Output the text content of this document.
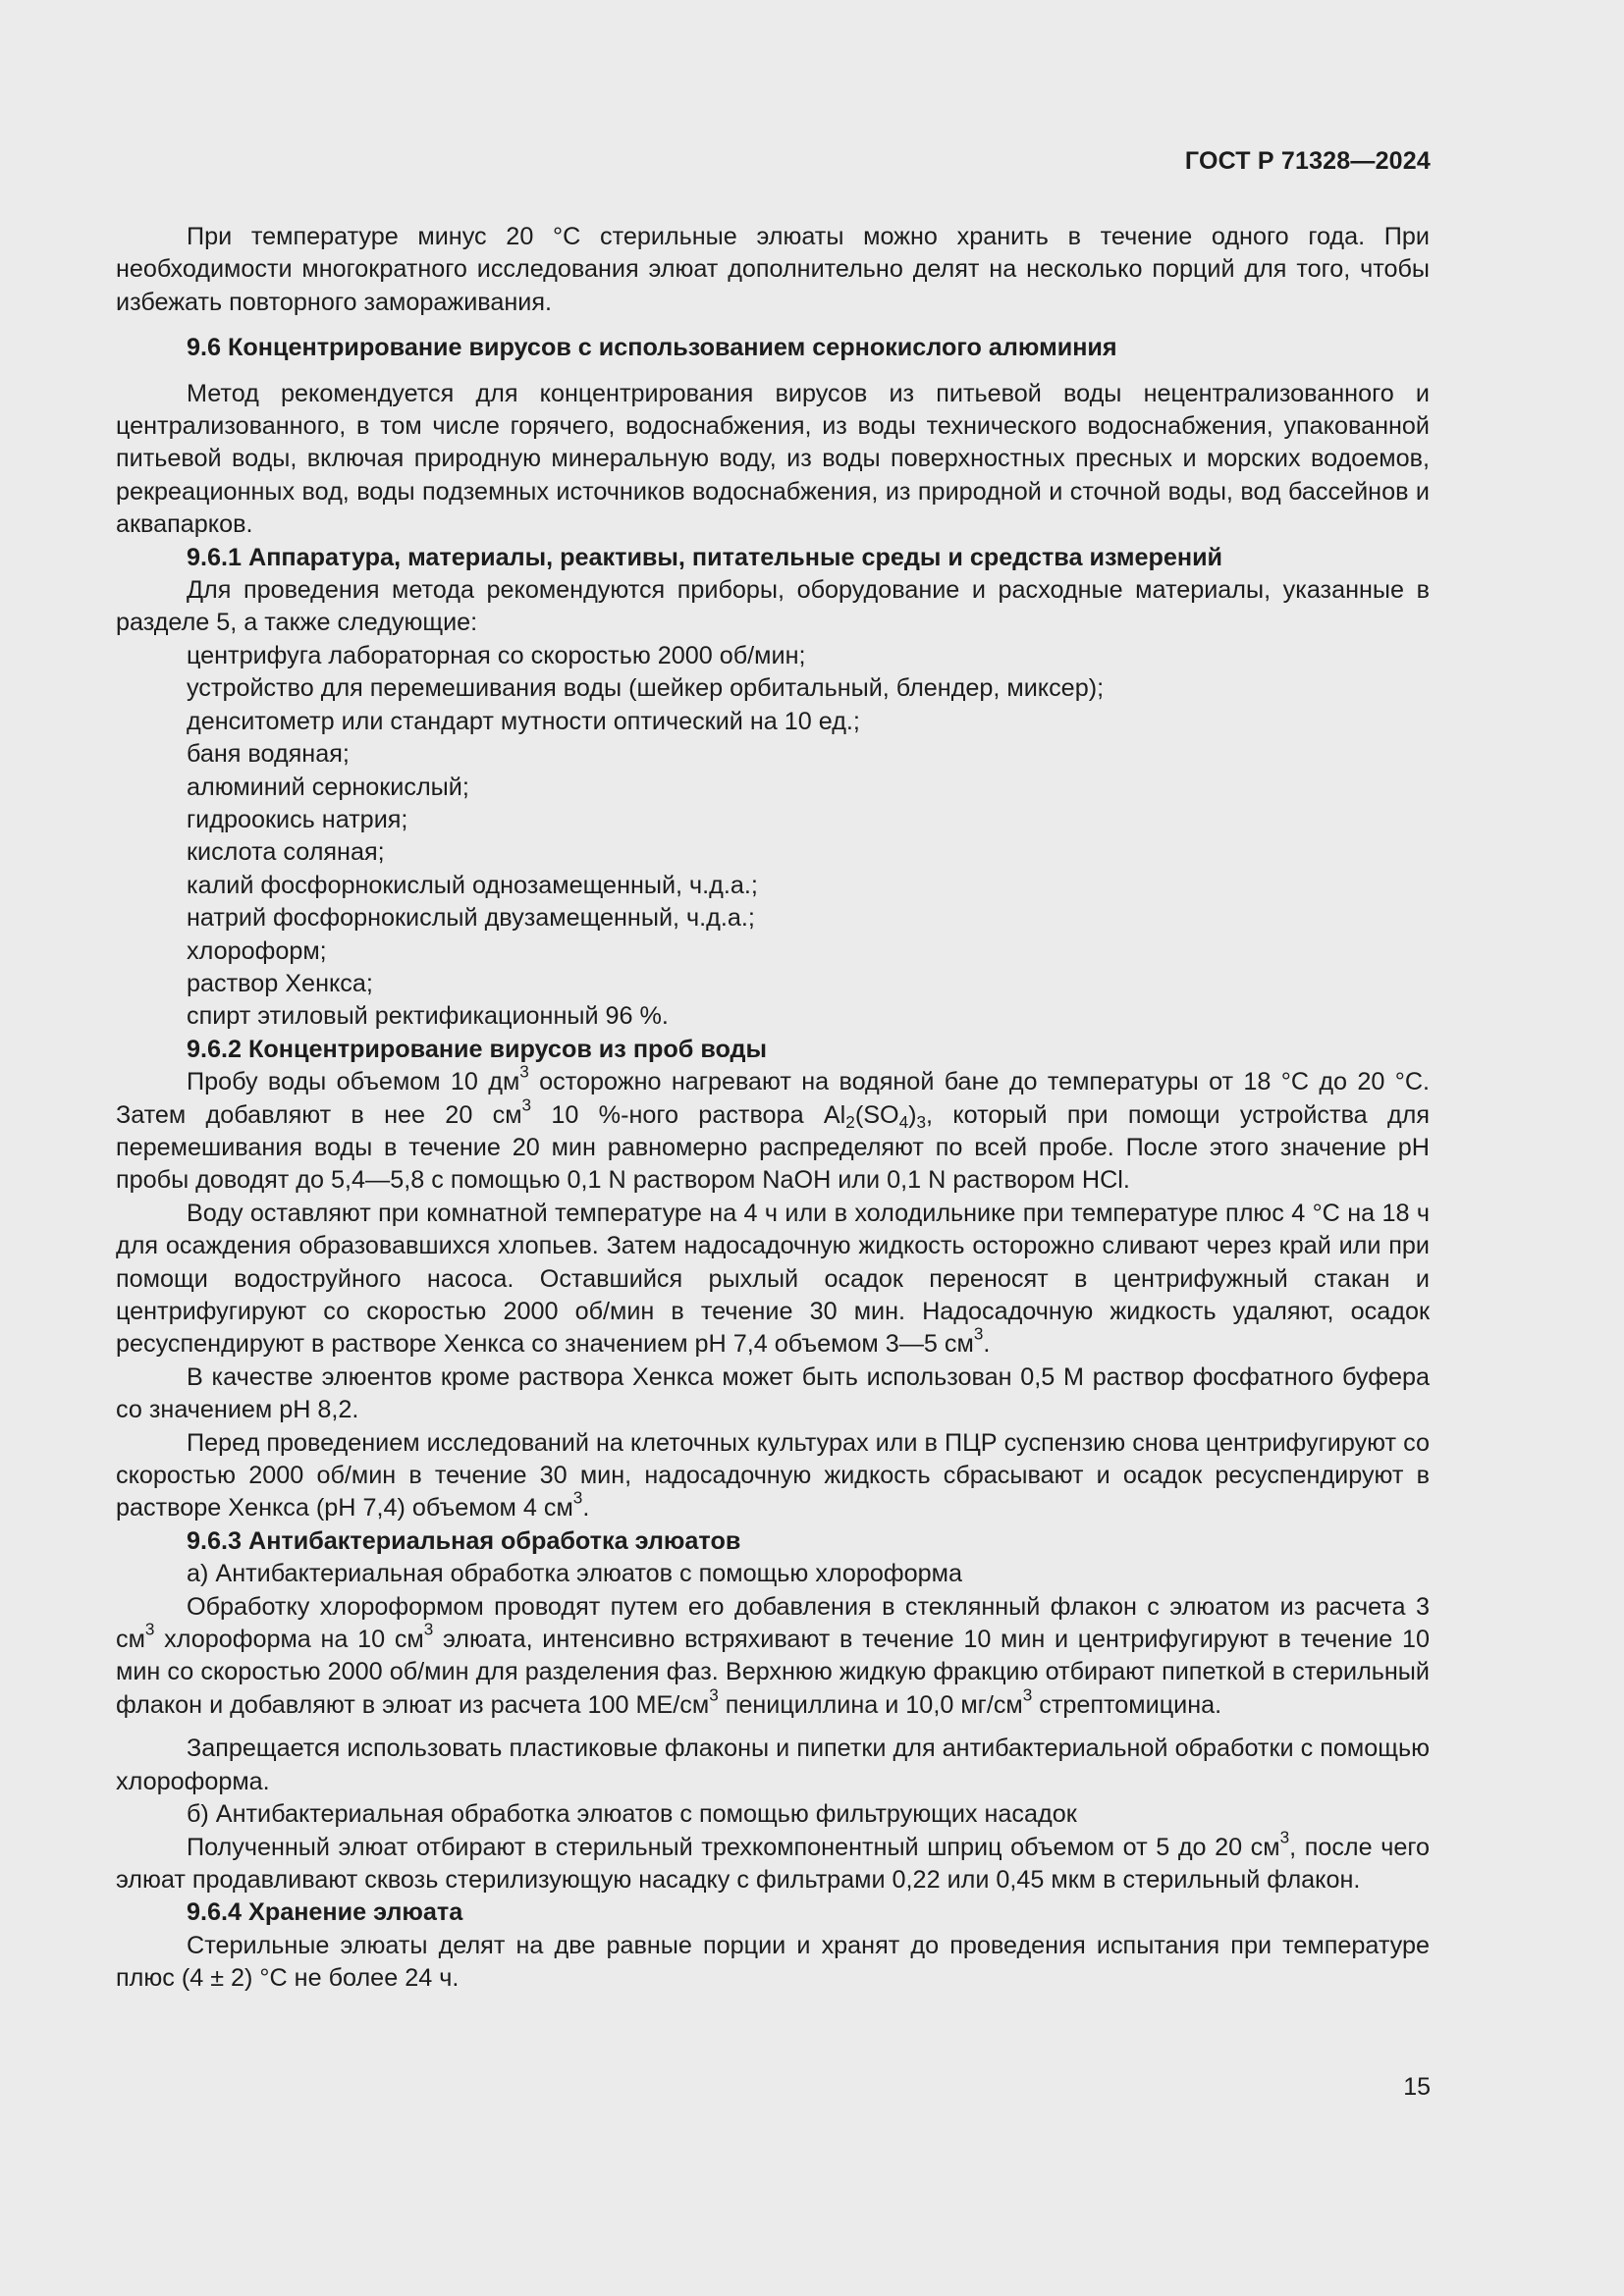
ГОСТ Р 71328—2024

При температуре минус 20 °С стерильные элюаты можно хранить в течение одного года. При необходимости многократного исследования элюат дополнительно делят на несколько порций для того, чтобы избежать повторного замораживания.

9.6 Концентрирование вирусов с использованием сернокислого алюминия

Метод рекомендуется для концентрирования вирусов из питьевой воды нецентрализованного и централизованного, в том числе горячего, водоснабжения, из воды технического водоснабжения, упакованной питьевой воды, включая природную минеральную воду, из воды поверхностных пресных и морских водоемов, рекреационных вод, воды подземных источников водоснабжения, из природной и сточной воды, вод бассейнов и аквапарков.

9.6.1 Аппаратура, материалы, реактивы, питательные среды и средства измерений

Для проведения метода рекомендуются приборы, оборудование и расходные материалы, указанные в разделе 5, а также следующие:

центрифуга лабораторная со скоростью 2000 об/мин;

устройство для перемешивания воды (шейкер орбитальный, блендер, миксер);

денситометр или стандарт мутности оптический на 10 ед.;

баня водяная;

алюминий сернокислый;

гидроокись натрия;

кислота соляная;

калий фосфорнокислый однозамещенный, ч.д.а.;

натрий фосфорнокислый двузамещенный, ч.д.а.;

хлороформ;

раствор Хенкса;

спирт этиловый ректификационный 96 %.

9.6.2 Концентрирование вирусов из проб воды

Пробу воды объемом 10 $дм^3$ осторожно нагревают на водяной бане до температуры от 18 °С до 20 °С. Затем добавляют в нее 20 $см^3$ 10 %-ного раствора $Al_2(SO_4)_3$, который при помощи устройства для перемешивания воды в течение 20 мин равномерно распределяют по всей пробе. После этого значение рН пробы доводят до 5,4—5,8 с помощью 0,1 N раствором NaOH или 0,1 N раствором HCl.

Воду оставляют при комнатной температуре на 4 ч или в холодильнике при температуре плюс 4 °С на 18 ч для осаждения образовавшихся хлопьев. Затем надосадочную жидкость осторожно сливают через край или при помощи водоструйного насоса. Оставшийся рыхлый осадок переносят в центрифужный стакан и центрифугируют со скоростью 2000 об/мин в течение 30 мин. Надосадочную жидкость удаляют, осадок ресуспендируют в растворе Хенкса со значением рН 7,4 объемом 3—5 $см^3$.

В качестве элюентов кроме раствора Хенкса может быть использован 0,5 М раствор фосфатного буфера со значением рН 8,2.

Перед проведением исследований на клеточных культурах или в ПЦР суспензию снова центрифугируют со скоростью 2000 об/мин в течение 30 мин, надосадочную жидкость сбрасывают и осадок ресуспендируют в растворе Хенкса (рН 7,4) объемом 4 $см^3$.

9.6.3 Антибактериальная обработка элюатов

а) Антибактериальная обработка элюатов с помощью хлороформа

Обработку хлороформом проводят путем его добавления в стеклянный флакон с элюатом из расчета 3 $см^3$ хлороформа на 10 $см^3$ элюата, интенсивно встряхивают в течение 10 мин и центрифугируют в течение 10 мин со скоростью 2000 об/мин для разделения фаз. Верхнюю жидкую фракцию отбирают пипеткой в стерильный флакон и добавляют в элюат из расчета 100 $МЕ/см^3$ пенициллина и 10,0 $мг/см^3$ стрептомицина.

Запрещается использовать пластиковые флаконы и пипетки для антибактериальной обработки с помощью хлороформа.

б) Антибактериальная обработка элюатов с помощью фильтрующих насадок

Полученный элюат отбирают в стерильный трехкомпонентный шприц объемом от 5 до 20 $см^3$, после чего элюат продавливают сквозь стерилизующую насадку с фильтрами 0,22 или 0,45 мкм в стерильный флакон.

9.6.4 Хранение элюата

Стерильные элюаты делят на две равные порции и хранят до проведения испытания при температуре плюс (4 ± 2) °С не более 24 ч.

15
